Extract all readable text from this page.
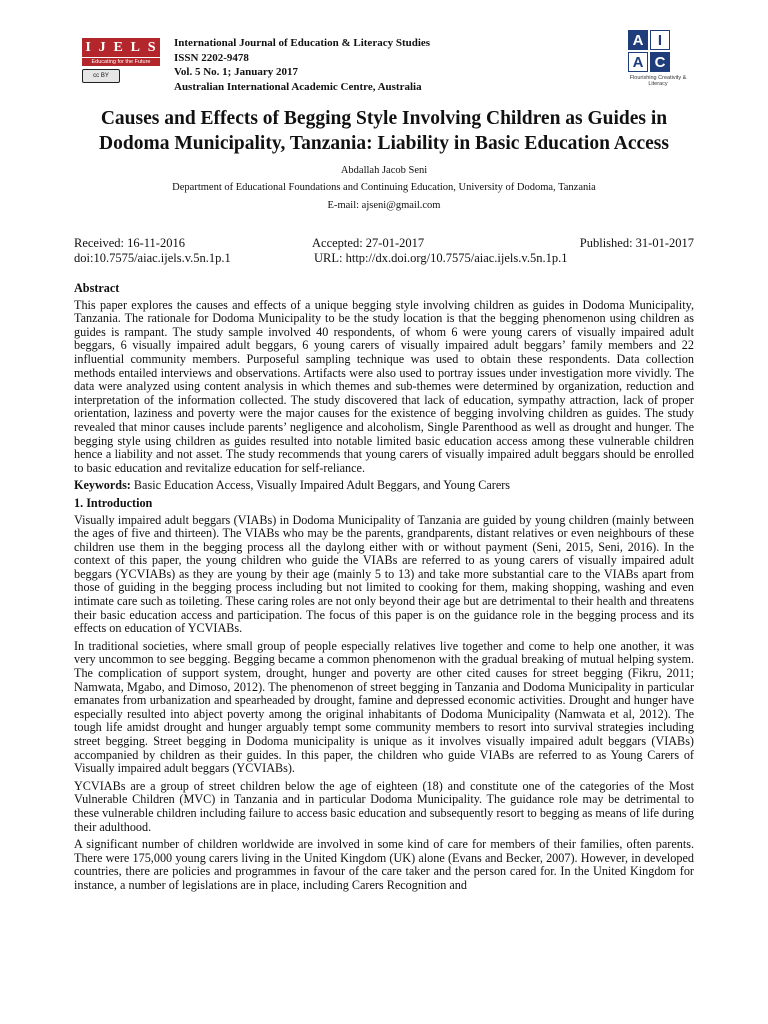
I J E L S
Educating for the Future
cc BY
International Journal of Education & Literacy Studies
ISSN 2202-9478
Vol. 5 No. 1; January 2017
Australian International Academic Centre, Australia
A I
A C
Flourishing Creativity & Literacy
Causes and Effects of Begging Style Involving Children as Guides in
Dodoma Municipality, Tanzania: Liability in Basic Education Access
Abdallah Jacob Seni
Department of Educational Foundations and Continuing Education, University of Dodoma, Tanzania
E-mail: ajseni@gmail.com
Received: 16-11-2016	Accepted: 27-01-2017	Published: 31-01-2017
doi:10.7575/aiac.ijels.v.5n.1p.1	URL: http://dx.doi.org/10.7575/aiac.ijels.v.5n.1p.1
Abstract
This paper explores the causes and effects of a unique begging style involving children as guides in Dodoma Municipality, Tanzania. The rationale for Dodoma Municipality to be the study location is that the begging phenomenon using children as guides is rampant. The study sample involved 40 respondents, of whom 6 were young carers of visually impaired adult beggars, 6 visually impaired adult beggars, 6 young carers of visually impaired adult beggars’ family members and 22 influential community members. Purposeful sampling technique was used to obtain these respondents. Data collection methods entailed interviews and observations. Artifacts were also used to portray issues under investigation more vividly. The data were analyzed using content analysis in which themes and sub-themes were determined by organization, reduction and interpretation of the information collected. The study discovered that lack of education, sympathy attraction, lack of proper orientation, laziness and poverty were the major causes for the existence of begging involving children as guides. The study revealed that minor causes include parents’ negligence and alcoholism, Single Parenthood as well as drought and hunger. The begging style using children as guides resulted into notable limited basic education access among these vulnerable children hence a liability and not asset. The study recommends that young carers of visually impaired adult beggars should be enrolled to basic education and revitalize education for self-reliance.
Keywords: Basic Education Access, Visually Impaired Adult Beggars, and Young Carers
1. Introduction
Visually impaired adult beggars (VIABs) in Dodoma Municipality of Tanzania are guided by young children (mainly between the ages of five and thirteen). The VIABs who may be the parents, grandparents, distant relatives or even neighbours of these children use them in the begging process all the daylong either with or without payment (Seni, 2015, Seni, 2016). In the context of this paper, the young children who guide the VIABs are referred to as young carers of visually impaired adult beggars (YCVIABs) as they are young by their age (mainly 5 to 13) and take more substantial care to the VIABs apart from those of guiding in the begging process including but not limited to cooking for them, making shopping, washing and even intimate care such as toileting. These caring roles are not only beyond their age but are detrimental to their health and threatens their basic education access and participation. The focus of this paper is on the guidance role in the begging process and its effects on education of YCVIABs.
In traditional societies, where small group of people especially relatives live together and come to help one another, it was very uncommon to see begging. Begging became a common phenomenon with the gradual breaking of mutual helping system. The complication of support system, drought, hunger and poverty are other cited causes for street begging (Fikru, 2011; Namwata, Mgabo, and Dimoso, 2012). The phenomenon of street begging in Tanzania and Dodoma Municipality in particular emanates from urbanization and spearheaded by drought, famine and depressed economic activities. Drought and hunger have especially resulted into abject poverty among the original inhabitants of Dodoma Municipality (Namwata et al, 2012). The tough life amidst drought and hunger arguably tempt some community members to resort into survival strategies including street begging. Street begging in Dodoma municipality is unique as it involves visually impaired adult beggars (VIABs) accompanied by children as their guides. In this paper, the children who guide VIABs are referred to as Young Carers of Visually impaired adult beggars (YCVIABs).
YCVIABs are a group of street children below the age of eighteen (18) and constitute one of the categories of the Most Vulnerable Children (MVC) in Tanzania and in particular Dodoma Municipality. The guidance role may be detrimental to these vulnerable children including failure to access basic education and subsequently resort to begging as means of life during their adulthood.
A significant number of children worldwide are involved in some kind of care for members of their families, often parents. There were 175,000 young carers living in the United Kingdom (UK) alone (Evans and Becker, 2007). However, in developed countries, there are policies and programmes in favour of the care taker and the person cared for. In the United Kingdom for instance, a number of legislations are in place, including Carers Recognition and
